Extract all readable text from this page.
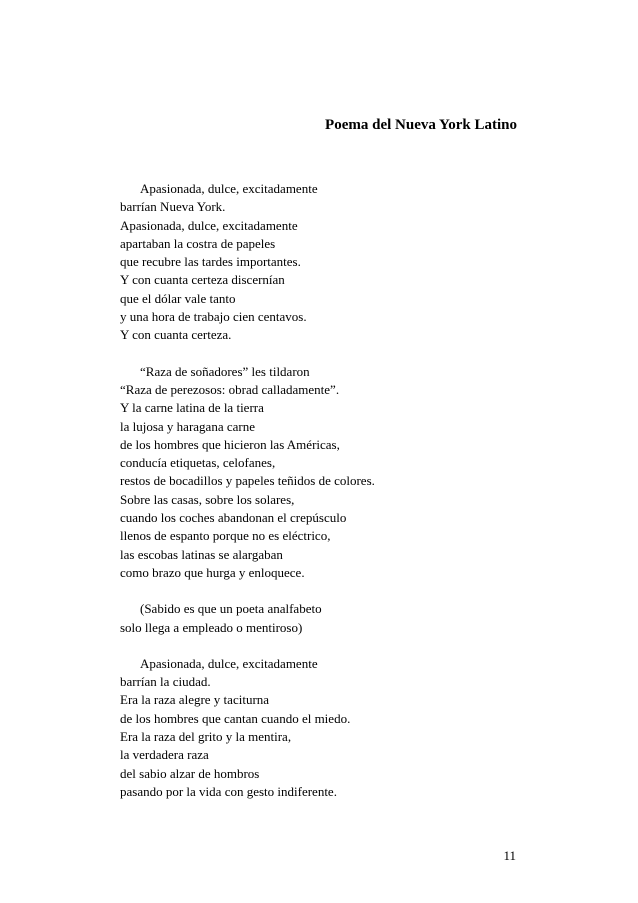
Poema del Nueva York Latino
Apasionada, dulce, excitadamente
barrían Nueva York.
Apasionada, dulce, excitadamente
apartaban la costra de papeles
que recubre las tardes importantes.
Y con cuanta certeza discernían
que el dólar vale tanto
y una hora de trabajo cien centavos.
Y con cuanta certeza.
“Raza de soñadores” les tildaron
“Raza de perezosos: obrad calladamente”.
Y la carne latina de la tierra
la lujosa y haragana carne
de los hombres que hicieron las Américas,
conducía etiquetas, celofanes,
restos de bocadillos y papeles teñidos de colores.
Sobre las casas, sobre los solares,
cuando los coches abandonan el crepúsculo
llenos de espanto porque no es eléctrico,
las escobas latinas se alargaban
como brazo que hurga y enloquece.
(Sabido es que un poeta analfabeto
solo llega a empleado o mentiroso)
Apasionada, dulce, excitadamente
barrían la ciudad.
Era la raza alegre y taciturna
de los hombres que cantan cuando el miedo.
Era la raza del grito y la mentira,
la verdadera raza
del sabio alzar de hombros
pasando por la vida con gesto indiferente.
11
